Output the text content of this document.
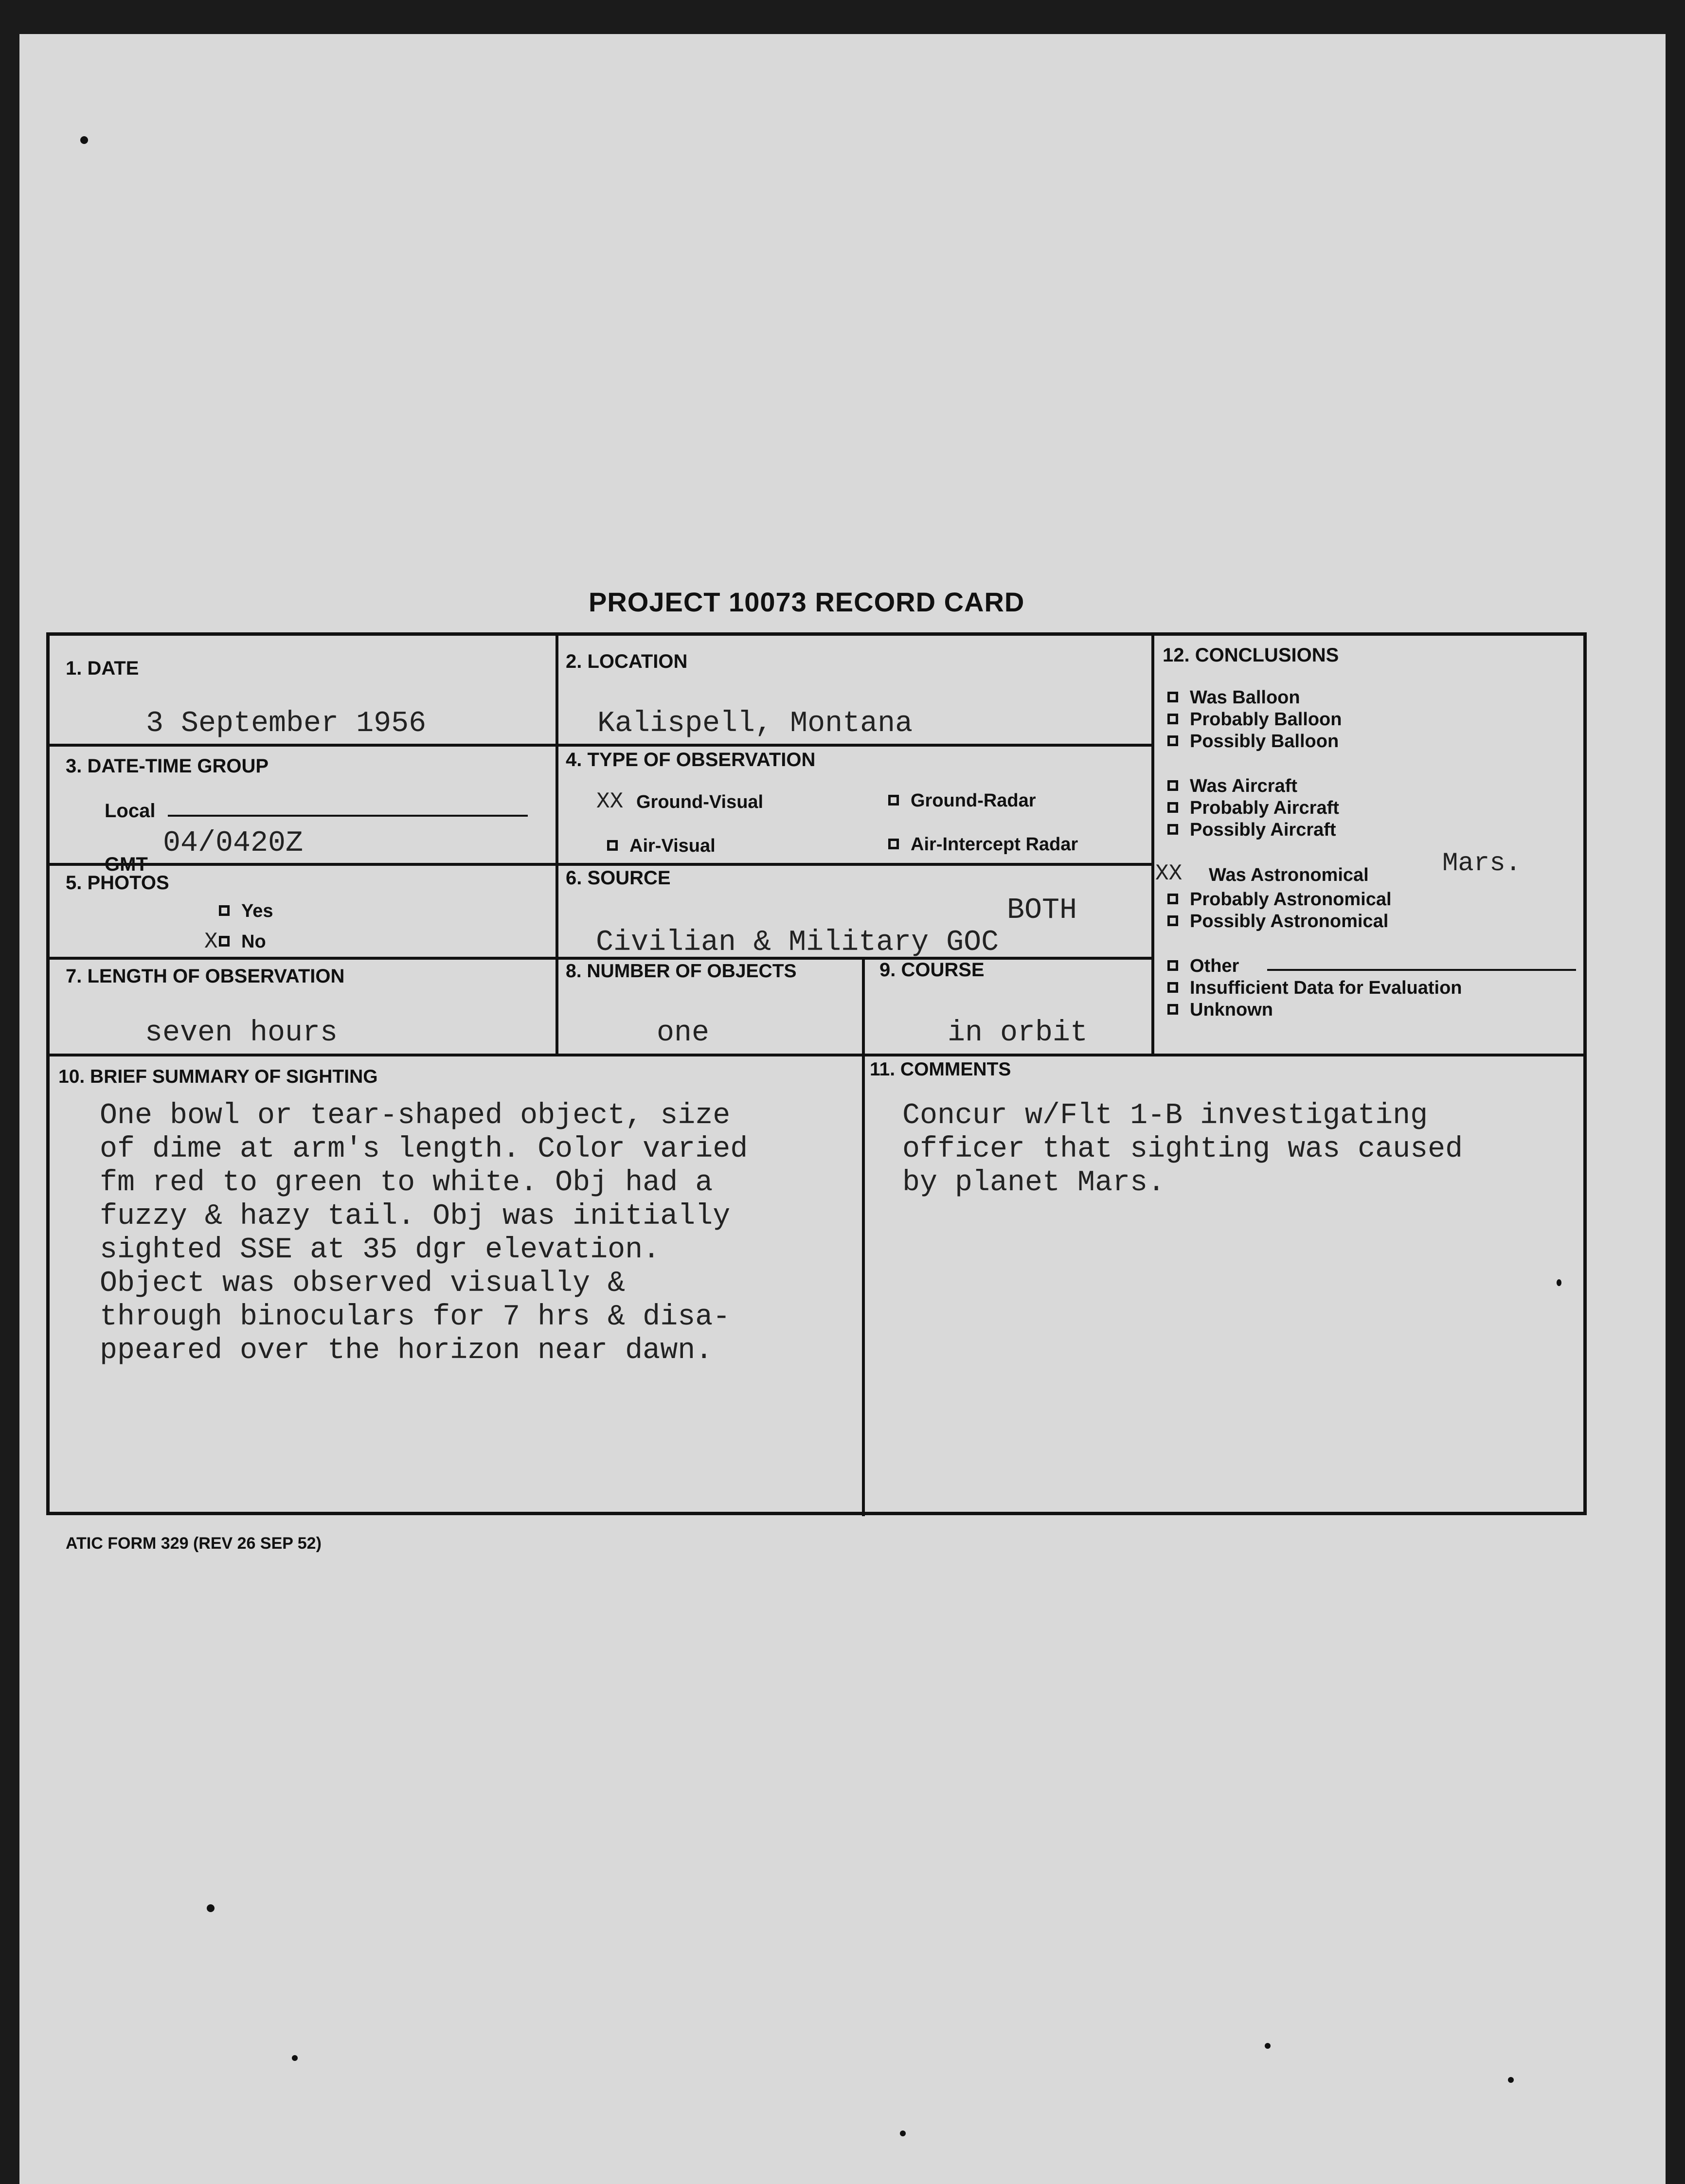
PROJECT 10073 RECORD CARD
1. DATE
3 September 1956
2. LOCATION
Kalispell, Montana
3. DATE-TIME GROUP
Local
GMT
04/0420Z
4. TYPE OF OBSERVATION
XX Ground-Visual	Ground-Radar
Air-Visual	Air-Intercept Radar
5. PHOTOS
Yes
X	No
6. SOURCE
BOTH
Civilian & Military GOC
7. LENGTH OF OBSERVATION
seven hours
8. NUMBER OF OBJECTS
one
9. COURSE
in orbit
10. BRIEF SUMMARY OF SIGHTING
One bowl or tear-shaped object, size
of dime at arm's length. Color varied
fm red to green to white. Obj had a
fuzzy & hazy tail. Obj was initially
sighted SSE at 35 dgr elevation.
Object was observed visually &
through binoculars for 7 hrs & disa-
ppeared over the horizon near dawn.
11. COMMENTS
Concur w/Flt 1-B investigating
officer that sighting was caused
by planet Mars.
12. CONCLUSIONS
Was Balloon
Probably Balloon
Possibly Balloon
Was Aircraft
Probably Aircraft
Possibly Aircraft
XX Was Astronomical	Mars.
Probably Astronomical
Possibly Astronomical
Other
Insufficient Data for Evaluation
Unknown
ATIC FORM 329 (REV 26 SEP 52)
